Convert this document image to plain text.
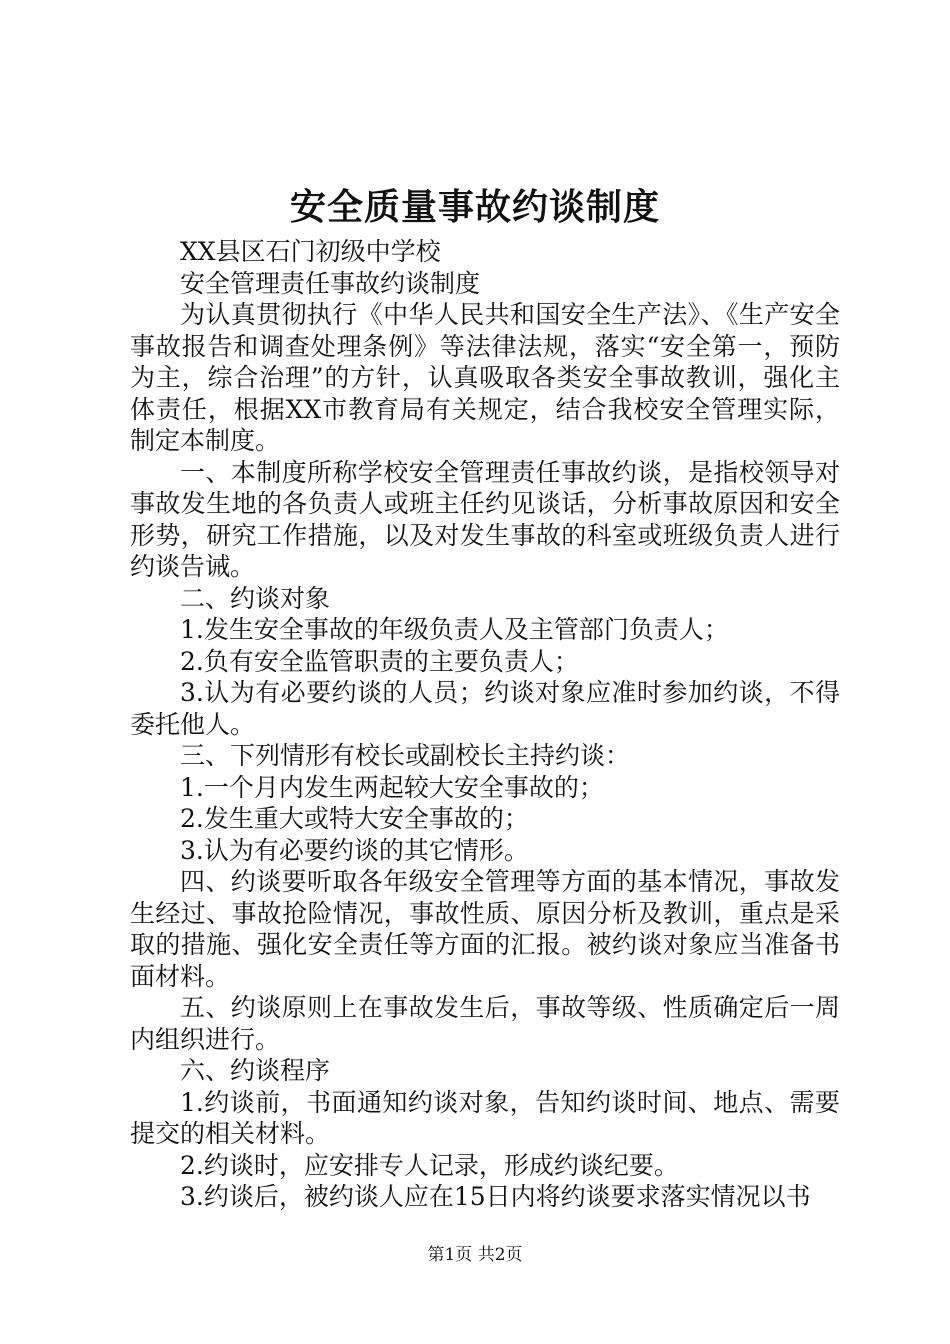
安全质量事故约谈制度

XX县区石门初级中学校

安全管理责任事故约谈制度

为认真贯彻执行《中华人民共和国安全生产法》、《生产安全事故报告和调查处理条例》等法律法规，落实“安全第一，预防为主，综合治理”的方针，认真吸取各类安全事故教训，强化主体责任，根据XX市教育局有关规定，结合我校安全管理实际，制定本制度。

一、本制度所称学校安全管理责任事故约谈，是指校领导对事故发生地的各负责人或班主任约见谈话，分析事故原因和安全形势，研究工作措施，以及对发生事故的科室或班级负责人进行约谈告诫。

二、约谈对象

1.发生安全事故的年级负责人及主管部门负责人；

2.负有安全监管职责的主要负责人；

3.认为有必要约谈的人员；约谈对象应准时参加约谈，不得委托他人。

三、下列情形有校长或副校长主持约谈：

1.一个月内发生两起较大安全事故的；

2.发生重大或特大安全事故的；

3.认为有必要约谈的其它情形。

四、约谈要听取各年级安全管理等方面的基本情况，事故发生经过、事故抢险情况，事故性质、原因分析及教训，重点是采取的措施、强化安全责任等方面的汇报。被约谈对象应当准备书面材料。

五、约谈原则上在事故发生后，事故等级、性质确定后一周内组织进行。

六、约谈程序

1.约谈前，书面通知约谈对象，告知约谈时间、地点、需要提交的相关材料。

2.约谈时，应安排专人记录，形成约谈纪要。

3.约谈后，被约谈人应在15日内将约谈要求落实情况以书

第1页 共2页
